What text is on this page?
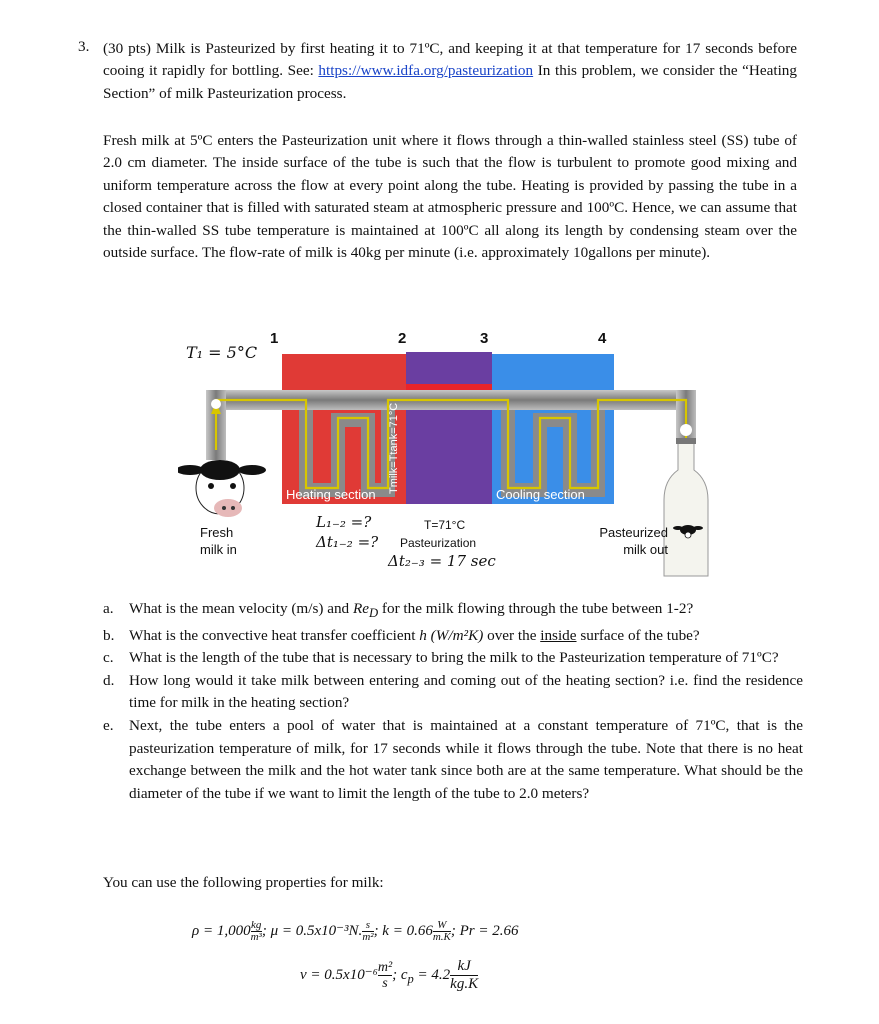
3. (30 pts) Milk is Pasteurized by first heating it to 71ºC, and keeping it at that temperature for 17 seconds before cooing it rapidly for bottling. See: https://www.idfa.org/pasteurization In this problem, we consider the “Heating Section” of milk Pasteurization process.
Fresh milk at 5ºC enters the Pasteurization unit where it flows through a thin-walled stainless steel (SS) tube of 2.0 cm diameter. The inside surface of the tube is such that the flow is turbulent to promote good mixing and uniform temperature across the flow at every point along the tube. Heating is provided by passing the tube in a closed container that is filled with saturated steam at atmospheric pressure and 100ºC. Hence, we can assume that the thin-walled SS tube temperature is maintained at 100ºC all along its length by condensing steam over the outside surface. The flow-rate of milk is 40kg per minute (i.e. approximately 10gallons per minute).
T₁ = 5°C
1	2	3	4
Tmilk=Ttank=71°C
Heating section	Cooling section
Fresh
milk in
L₁₋₂ =?
Δt₁₋₂ =?
T=71°C
Pasteurization
Δt₂₋₃ = 17 sec
Pasteurized
milk out
a. What is the mean velocity (m/s) and $Re_D$ for the milk flowing through the tube between 1-2?
b. What is the convective heat transfer coefficient h (W/m²K) over the inside surface of the tube?
c. What is the length of the tube that is necessary to bring the milk to the Pasteurization temperature of 71ºC?
d. How long would it take milk between entering and coming out of the heating section? i.e. find the residence time for milk in the heating section?
e. Next, the tube enters a pool of water that is maintained at a constant temperature of 71ºC, that is the pasteurization temperature of milk, for 17 seconds while it flows through the tube. Note that there is no heat exchange between the milk and the hot water tank since both are at the same temperature. What should be the diameter of the tube if we want to limit the length of the tube to 2.0 meters?
You can use the following properties for milk:
$\rho = 1,000 \frac{kg}{\text{m³}}$ ; μ = 0.5x10⁻³N. $\frac{s}{\text{m²}}$ ; $k = 0.66 \frac{W}{m.K}$ ; Pr = 2.66
$\nu = 0.5x10^{-6} \frac{\text{m²}}{s}$ ; $c_p = 4.2 \frac{kJ}{kg.K}$
